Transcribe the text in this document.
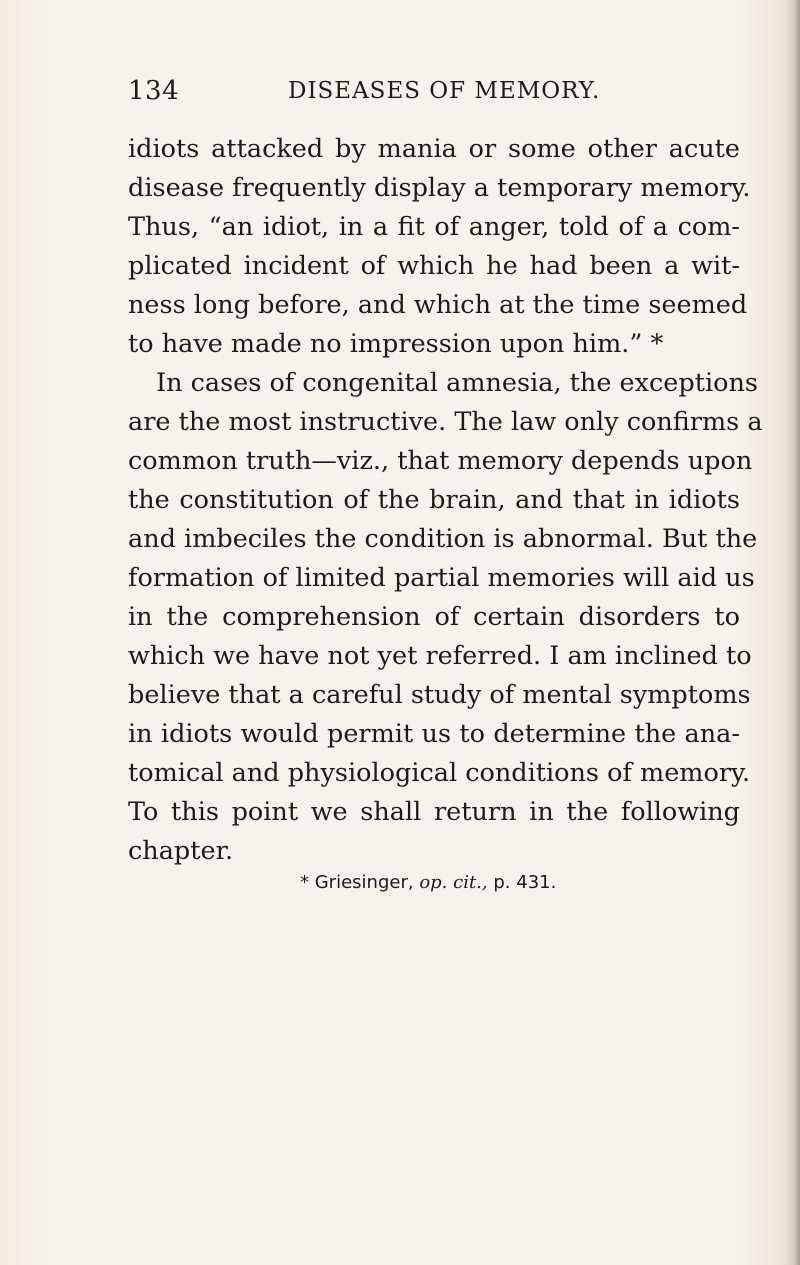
134	DISEASES OF MEMORY.
idiots attacked by mania or some other acute
disease frequently display a temporary memory.
Thus, “an idiot, in a fit of anger, told of a com-
plicated incident of which he had been a wit-
ness long before, and which at the time seemed
to have made no impression upon him.” *
In cases of congenital amnesia, the exceptions
are the most instructive. The law only confirms a
common truth—viz., that memory depends upon
the constitution of the brain, and that in idiots
and imbeciles the condition is abnormal. But the
formation of limited partial memories will aid us
in the comprehension of certain disorders to
which we have not yet referred. I am inclined to
believe that a careful study of mental symptoms
in idiots would permit us to determine the ana-
tomical and physiological conditions of memory.
To this point we shall return in the following
chapter.
* Griesinger, op. cit., p. 431.
